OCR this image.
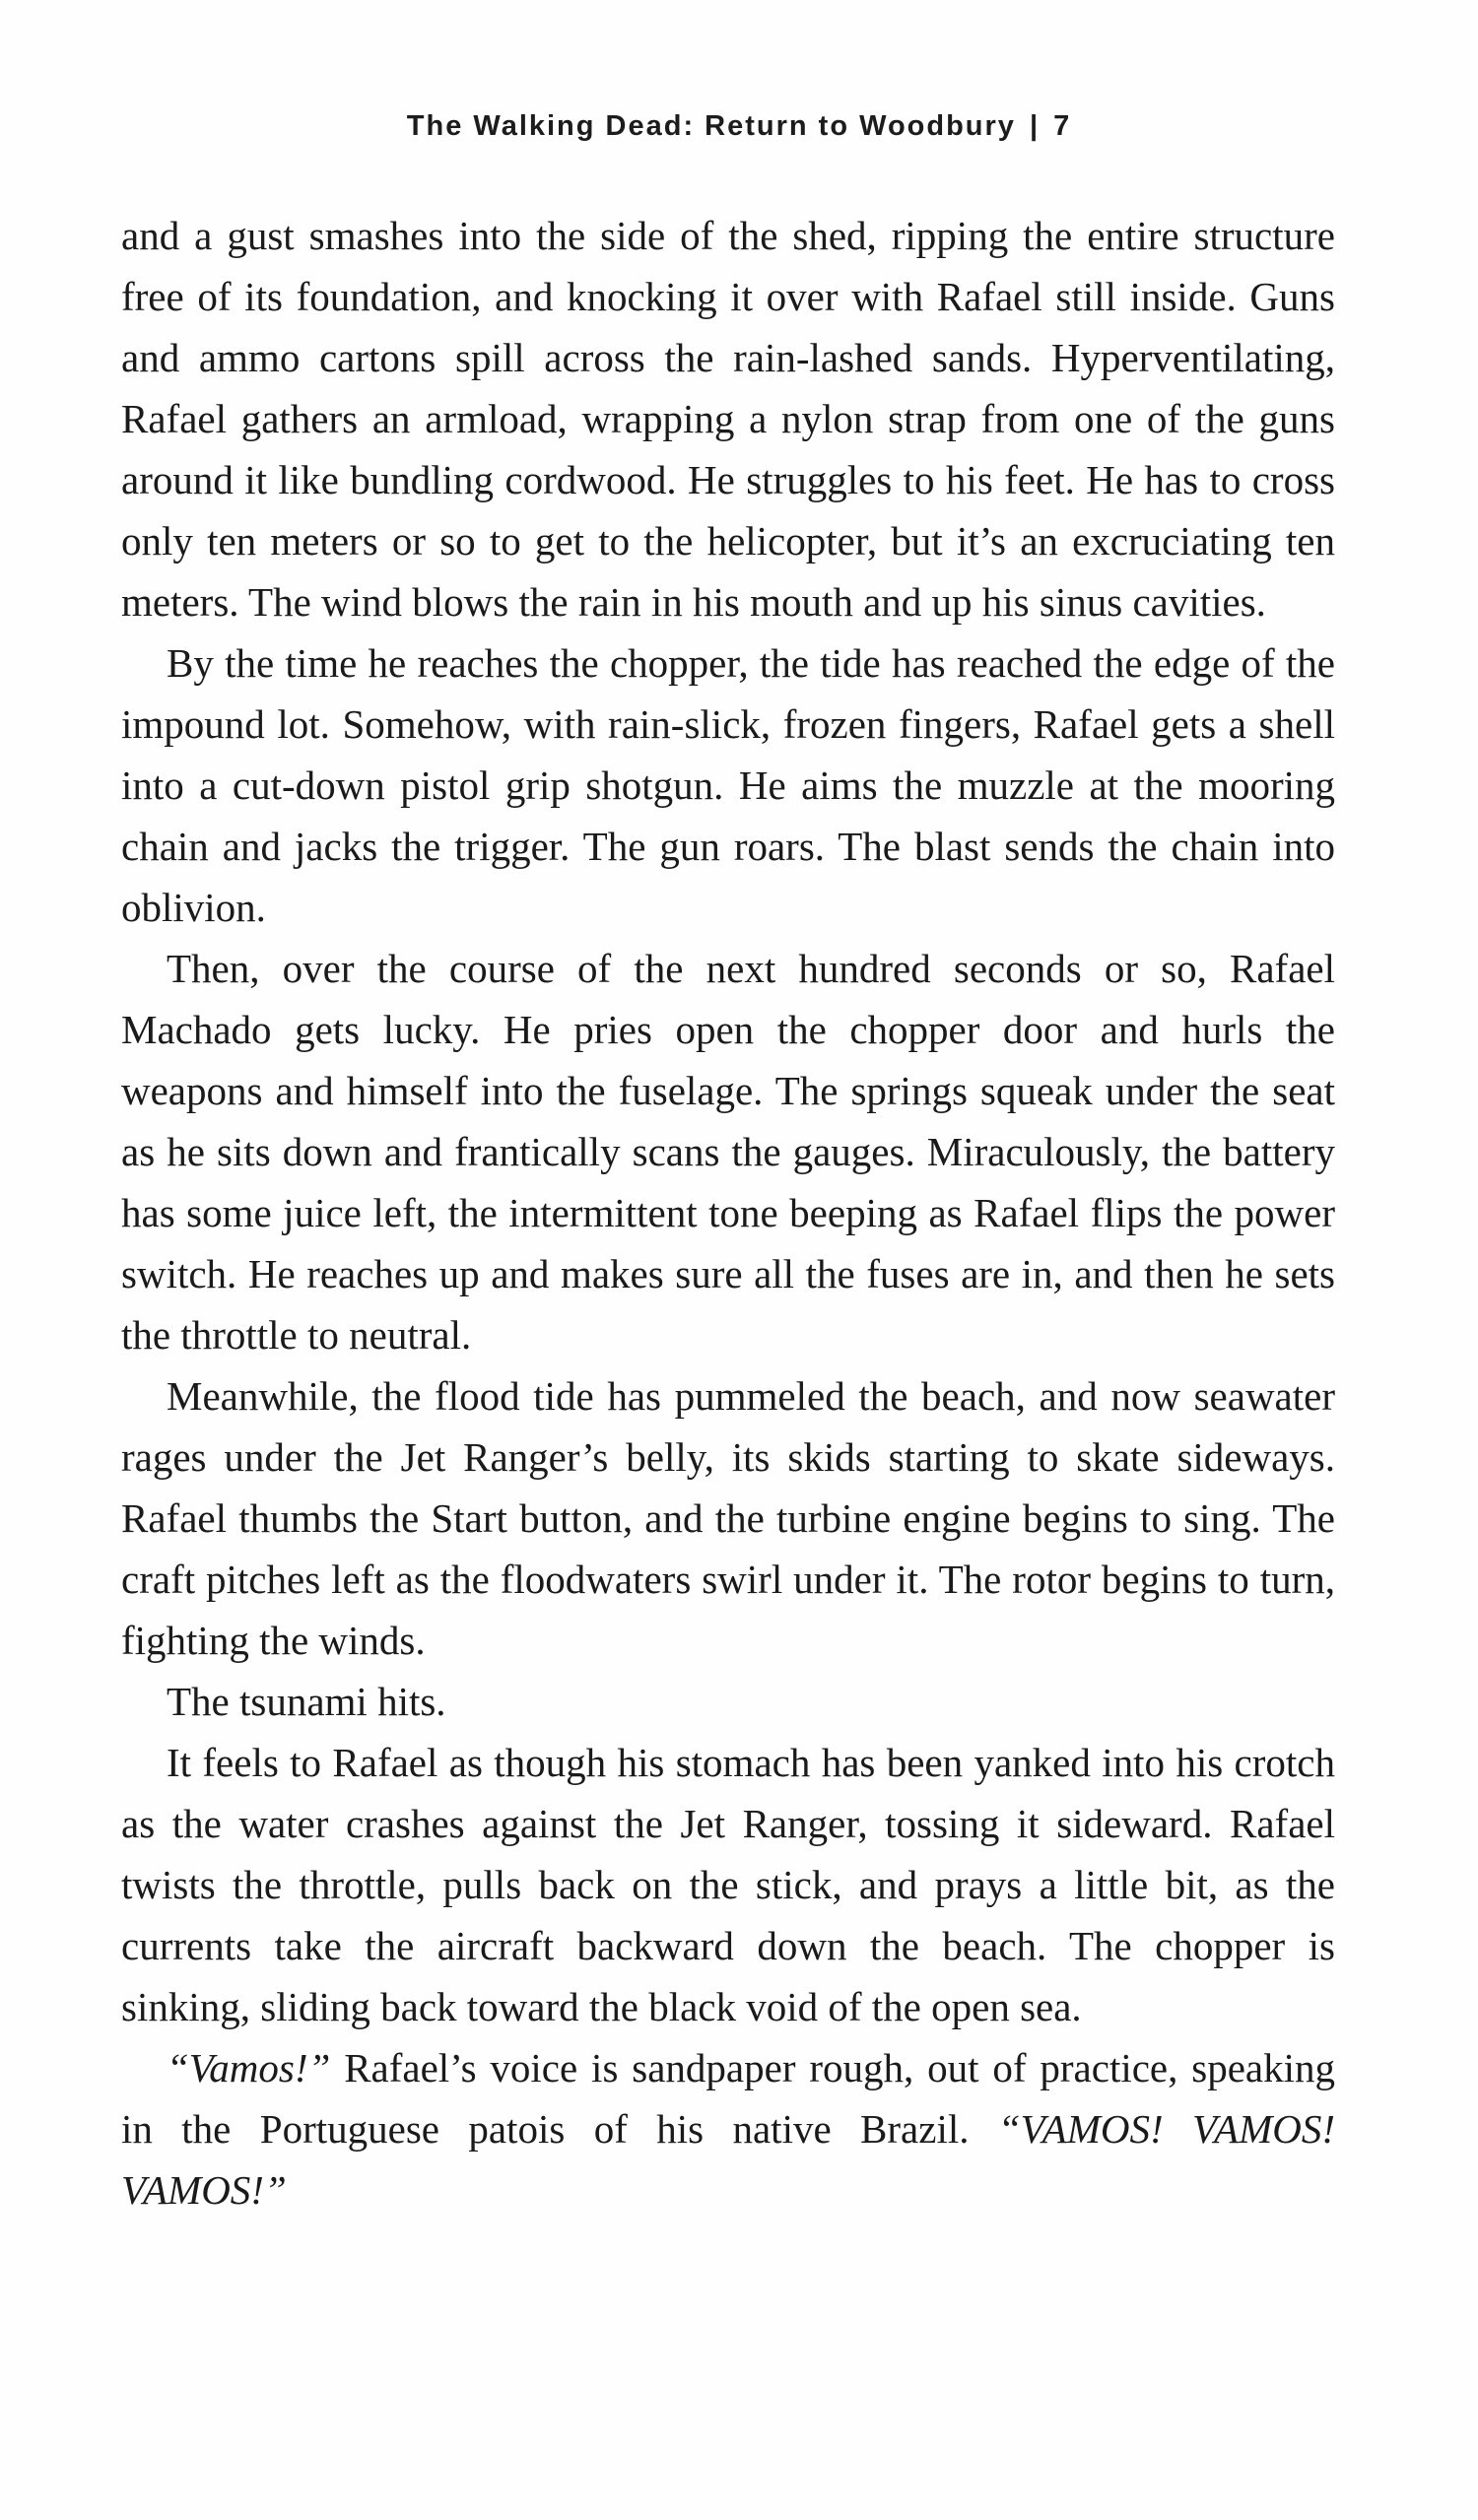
The Walking Dead: Return to Woodbury | 7

and a gust smashes into the side of the shed, ripping the entire structure free of its foundation, and knocking it over with Rafael still inside. Guns and ammo cartons spill across the rain-lashed sands. Hyperventilating, Rafael gathers an armload, wrapping a nylon strap from one of the guns around it like bundling cordwood. He struggles to his feet. He has to cross only ten meters or so to get to the helicopter, but it’s an excruciating ten meters. The wind blows the rain in his mouth and up his sinus cavities.

By the time he reaches the chopper, the tide has reached the edge of the impound lot. Somehow, with rain-slick, frozen fingers, Rafael gets a shell into a cut-down pistol grip shotgun. He aims the muzzle at the mooring chain and jacks the trigger. The gun roars. The blast sends the chain into oblivion.

Then, over the course of the next hundred seconds or so, Rafael Machado gets lucky. He pries open the chopper door and hurls the weapons and himself into the fuselage. The springs squeak under the seat as he sits down and frantically scans the gauges. Miraculously, the battery has some juice left, the intermittent tone beeping as Rafael flips the power switch. He reaches up and makes sure all the fuses are in, and then he sets the throttle to neutral.

Meanwhile, the flood tide has pummeled the beach, and now seawater rages under the Jet Ranger’s belly, its skids starting to skate sideways. Rafael thumbs the Start button, and the turbine engine begins to sing. The craft pitches left as the floodwaters swirl under it. The rotor begins to turn, fighting the winds.

The tsunami hits.

It feels to Rafael as though his stomach has been yanked into his crotch as the water crashes against the Jet Ranger, tossing it sideward. Rafael twists the throttle, pulls back on the stick, and prays a little bit, as the currents take the aircraft backward down the beach. The chopper is sinking, sliding back toward the black void of the open sea.

“Vamos!” Rafael’s voice is sandpaper rough, out of practice, speaking in the Portuguese patois of his native Brazil. “VAMOS! VAMOS! VAMOS!”
